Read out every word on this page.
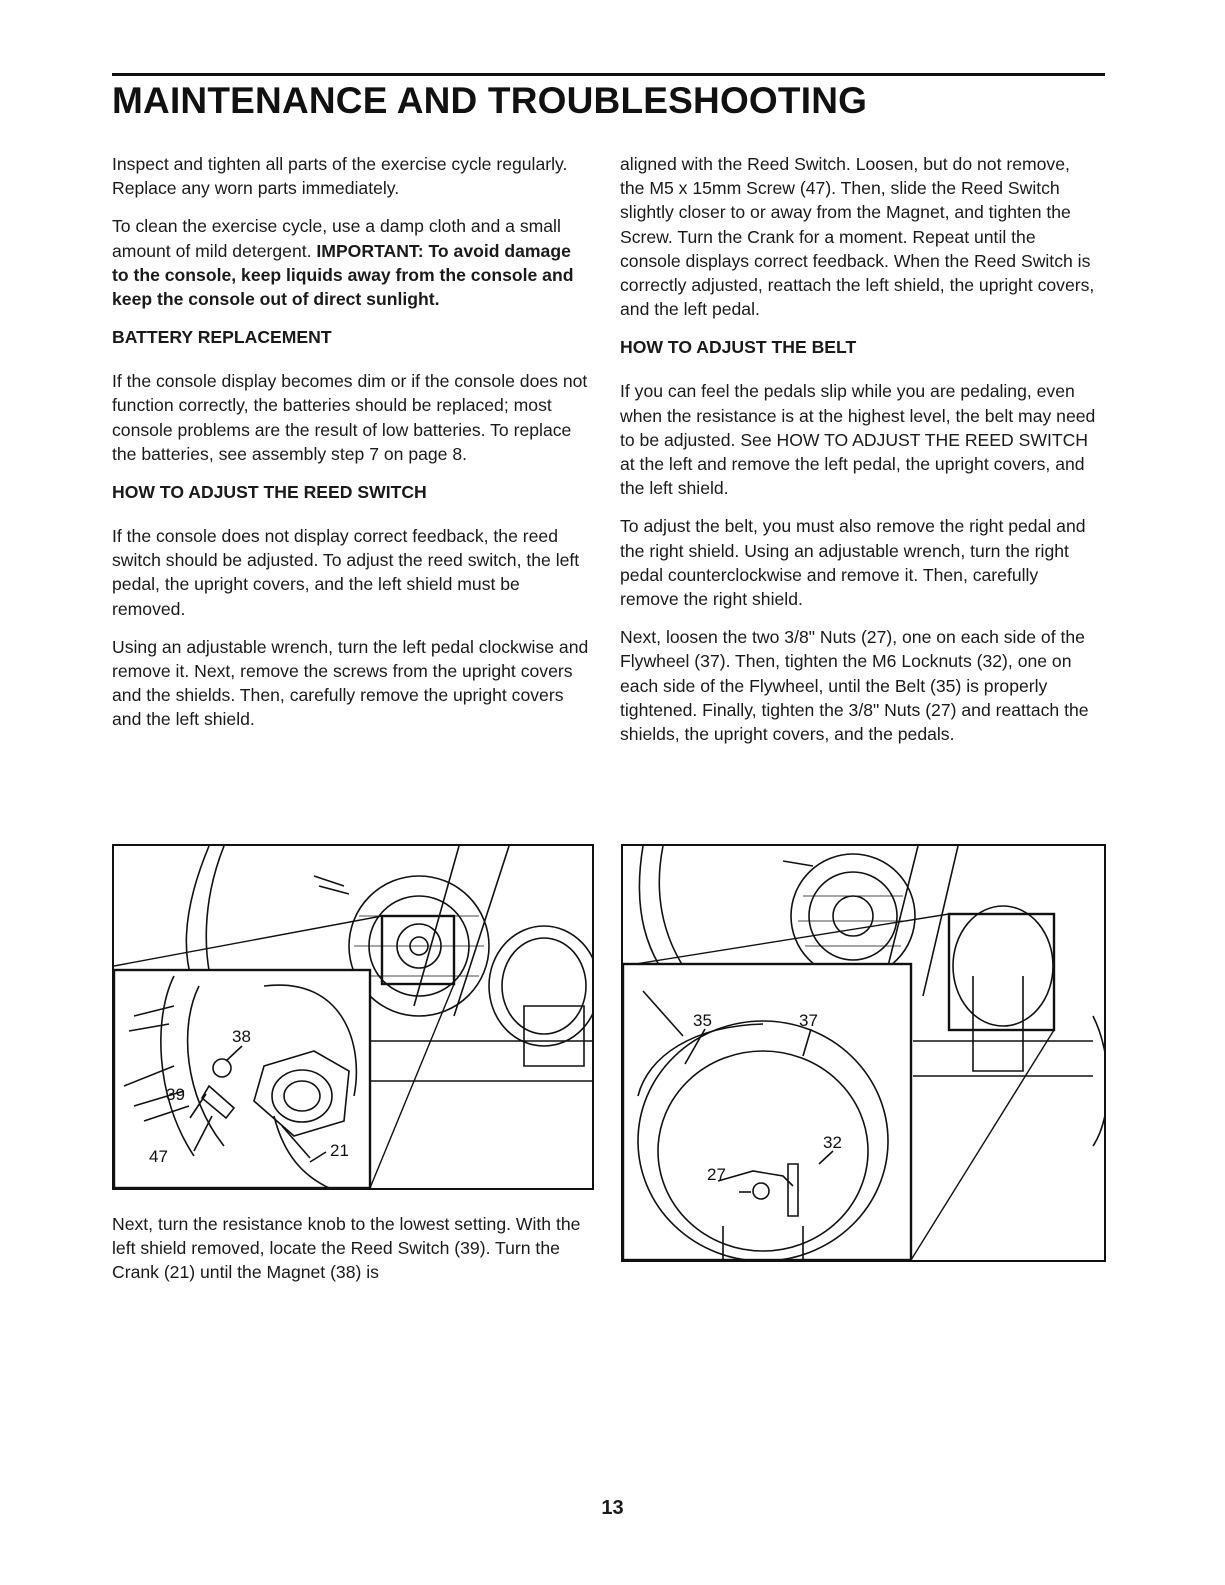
MAINTENANCE AND TROUBLESHOOTING

Inspect and tighten all parts of the exercise cycle regularly. Replace any worn parts immediately.

To clean the exercise cycle, use a damp cloth and a small amount of mild detergent. IMPORTANT: To avoid damage to the console, keep liquids away from the console and keep the console out of direct sunlight.

BATTERY REPLACEMENT

If the console display becomes dim or if the console does not function correctly, the batteries should be replaced; most console problems are the result of low batteries. To replace the batteries, see assembly step 7 on page 8.

HOW TO ADJUST THE REED SWITCH

If the console does not display correct feedback, the reed switch should be adjusted. To adjust the reed switch, the left pedal, the upright covers, and the left shield must be removed.

Using an adjustable wrench, turn the left pedal clockwise and remove it. Next, remove the screws from the upright covers and the shields. Then, carefully remove the upright covers and the left shield.

38
39
47	21

Next, turn the resistance knob to the lowest setting. With the left shield removed, locate the Reed Switch (39). Turn the Crank (21) until the Magnet (38) is

aligned with the Reed Switch. Loosen, but do not remove, the M5 x 15mm Screw (47). Then, slide the Reed Switch slightly closer to or away from the Magnet, and tighten the Screw. Turn the Crank for a moment. Repeat until the console displays correct feedback. When the Reed Switch is correctly adjusted, reattach the left shield, the upright covers, and the left pedal.

HOW TO ADJUST THE BELT

If you can feel the pedals slip while you are pedaling, even when the resistance is at the highest level, the belt may need to be adjusted. See HOW TO ADJUST THE REED SWITCH at the left and remove the left pedal, the upright covers, and the left shield.

To adjust the belt, you must also remove the right pedal and the right shield. Using an adjustable wrench, turn the right pedal counterclockwise and remove it. Then, carefully remove the right shield.

Next, loosen the two 3/8" Nuts (27), one on each side of the Flywheel (37). Then, tighten the M6 Locknuts (32), one on each side of the Flywheel, until the Belt (35) is properly tightened. Finally, tighten the 3/8" Nuts (27) and reattach the shields, the upright covers, and the pedals.

35	37
32
27
13
